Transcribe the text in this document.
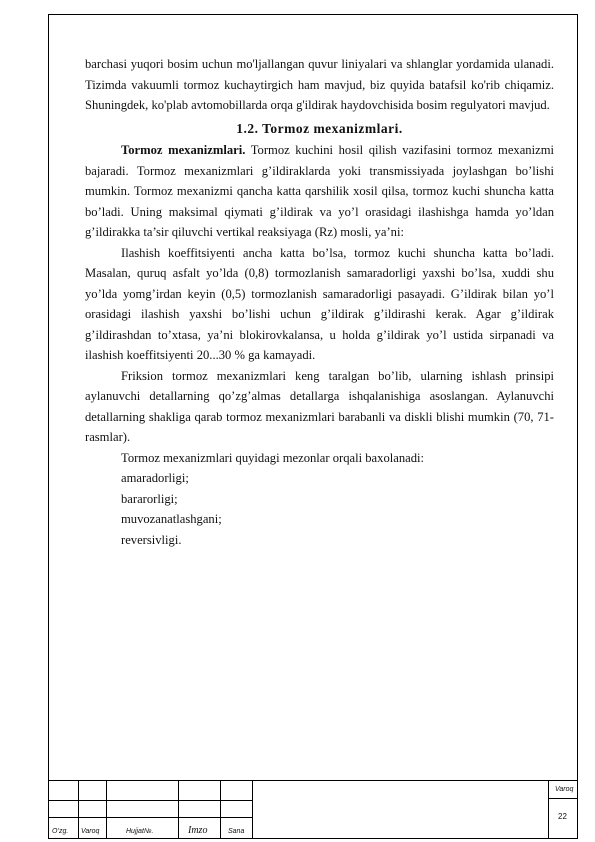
barchasi yuqori bosim uchun mo'ljallangan quvur liniyalari va shlanglar yordamida ulanadi. Tizimda vakuumli tormoz kuchaytirgich ham mavjud, biz quyida batafsil ko'rib chiqamiz. Shuningdek, ko'plab avtomobillarda orqa g'ildirak haydovchisida bosim regulyatori mavjud.

1.2. Tormoz mexanizmlari.

Tormoz mexanizmlari. Tormoz kuchini hosil qilish vazifasini tormoz mexanizmi bajaradi. Tormoz mexanizmlari g’ildiraklarda yoki transmissiyada joylashgan bo’lishi mumkin. Tormoz mexanizmi qancha katta qarshilik xosil qilsa, tormoz kuchi shuncha katta bo’ladi. Uning maksimal qiymati g’ildirak va yo’l orasidagi ilashishga hamda yo’ldan g’ildirakka ta’sir qiluvchi vertikal reaksiyaga (Rz) mosli, ya’ni:

Ilashish koeffitsiyenti ancha katta bo’lsa, tormoz kuchi shuncha katta bo’ladi. Masalan, quruq asfalt yo’lda (0,8) tormozlanish samaradorligi yaxshi bo’lsa, xuddi shu yo’lda yomg’irdan keyin (0,5) tormozlanish samaradorligi pasayadi. G’ildirak bilan yo’l orasidagi ilashish yaxshi bo’lishi uchun g’ildirak g’ildirashi kerak. Agar g’ildirak g’ildirashdan to’xtasa, ya’ni blokirovkalansa, u holda g’ildirak yo’l ustida sirpanadi va ilashish koeffitsiyenti 20...30 % ga kamayadi.

Friksion tormoz mexanizmlari keng taralgan bo’lib, ularning ishlash prinsipi aylanuvchi detallarning qo’zg’almas detallarga ishqalanishiga asoslangan. Aylanuvchi detallarning shakliga qarab tormoz mexanizmlari barabanli va diskli blishi mumkin (70, 71-rasmlar).

Tormoz mexanizmlari quyidagi mezonlar orqali baxolanadi:

amaradorligi;
bararorligi;
muvozanatlashgani;
reversivligi.
O’zg. Varoq	Hujjat№.	Imzo	Sana
Varoq
22
